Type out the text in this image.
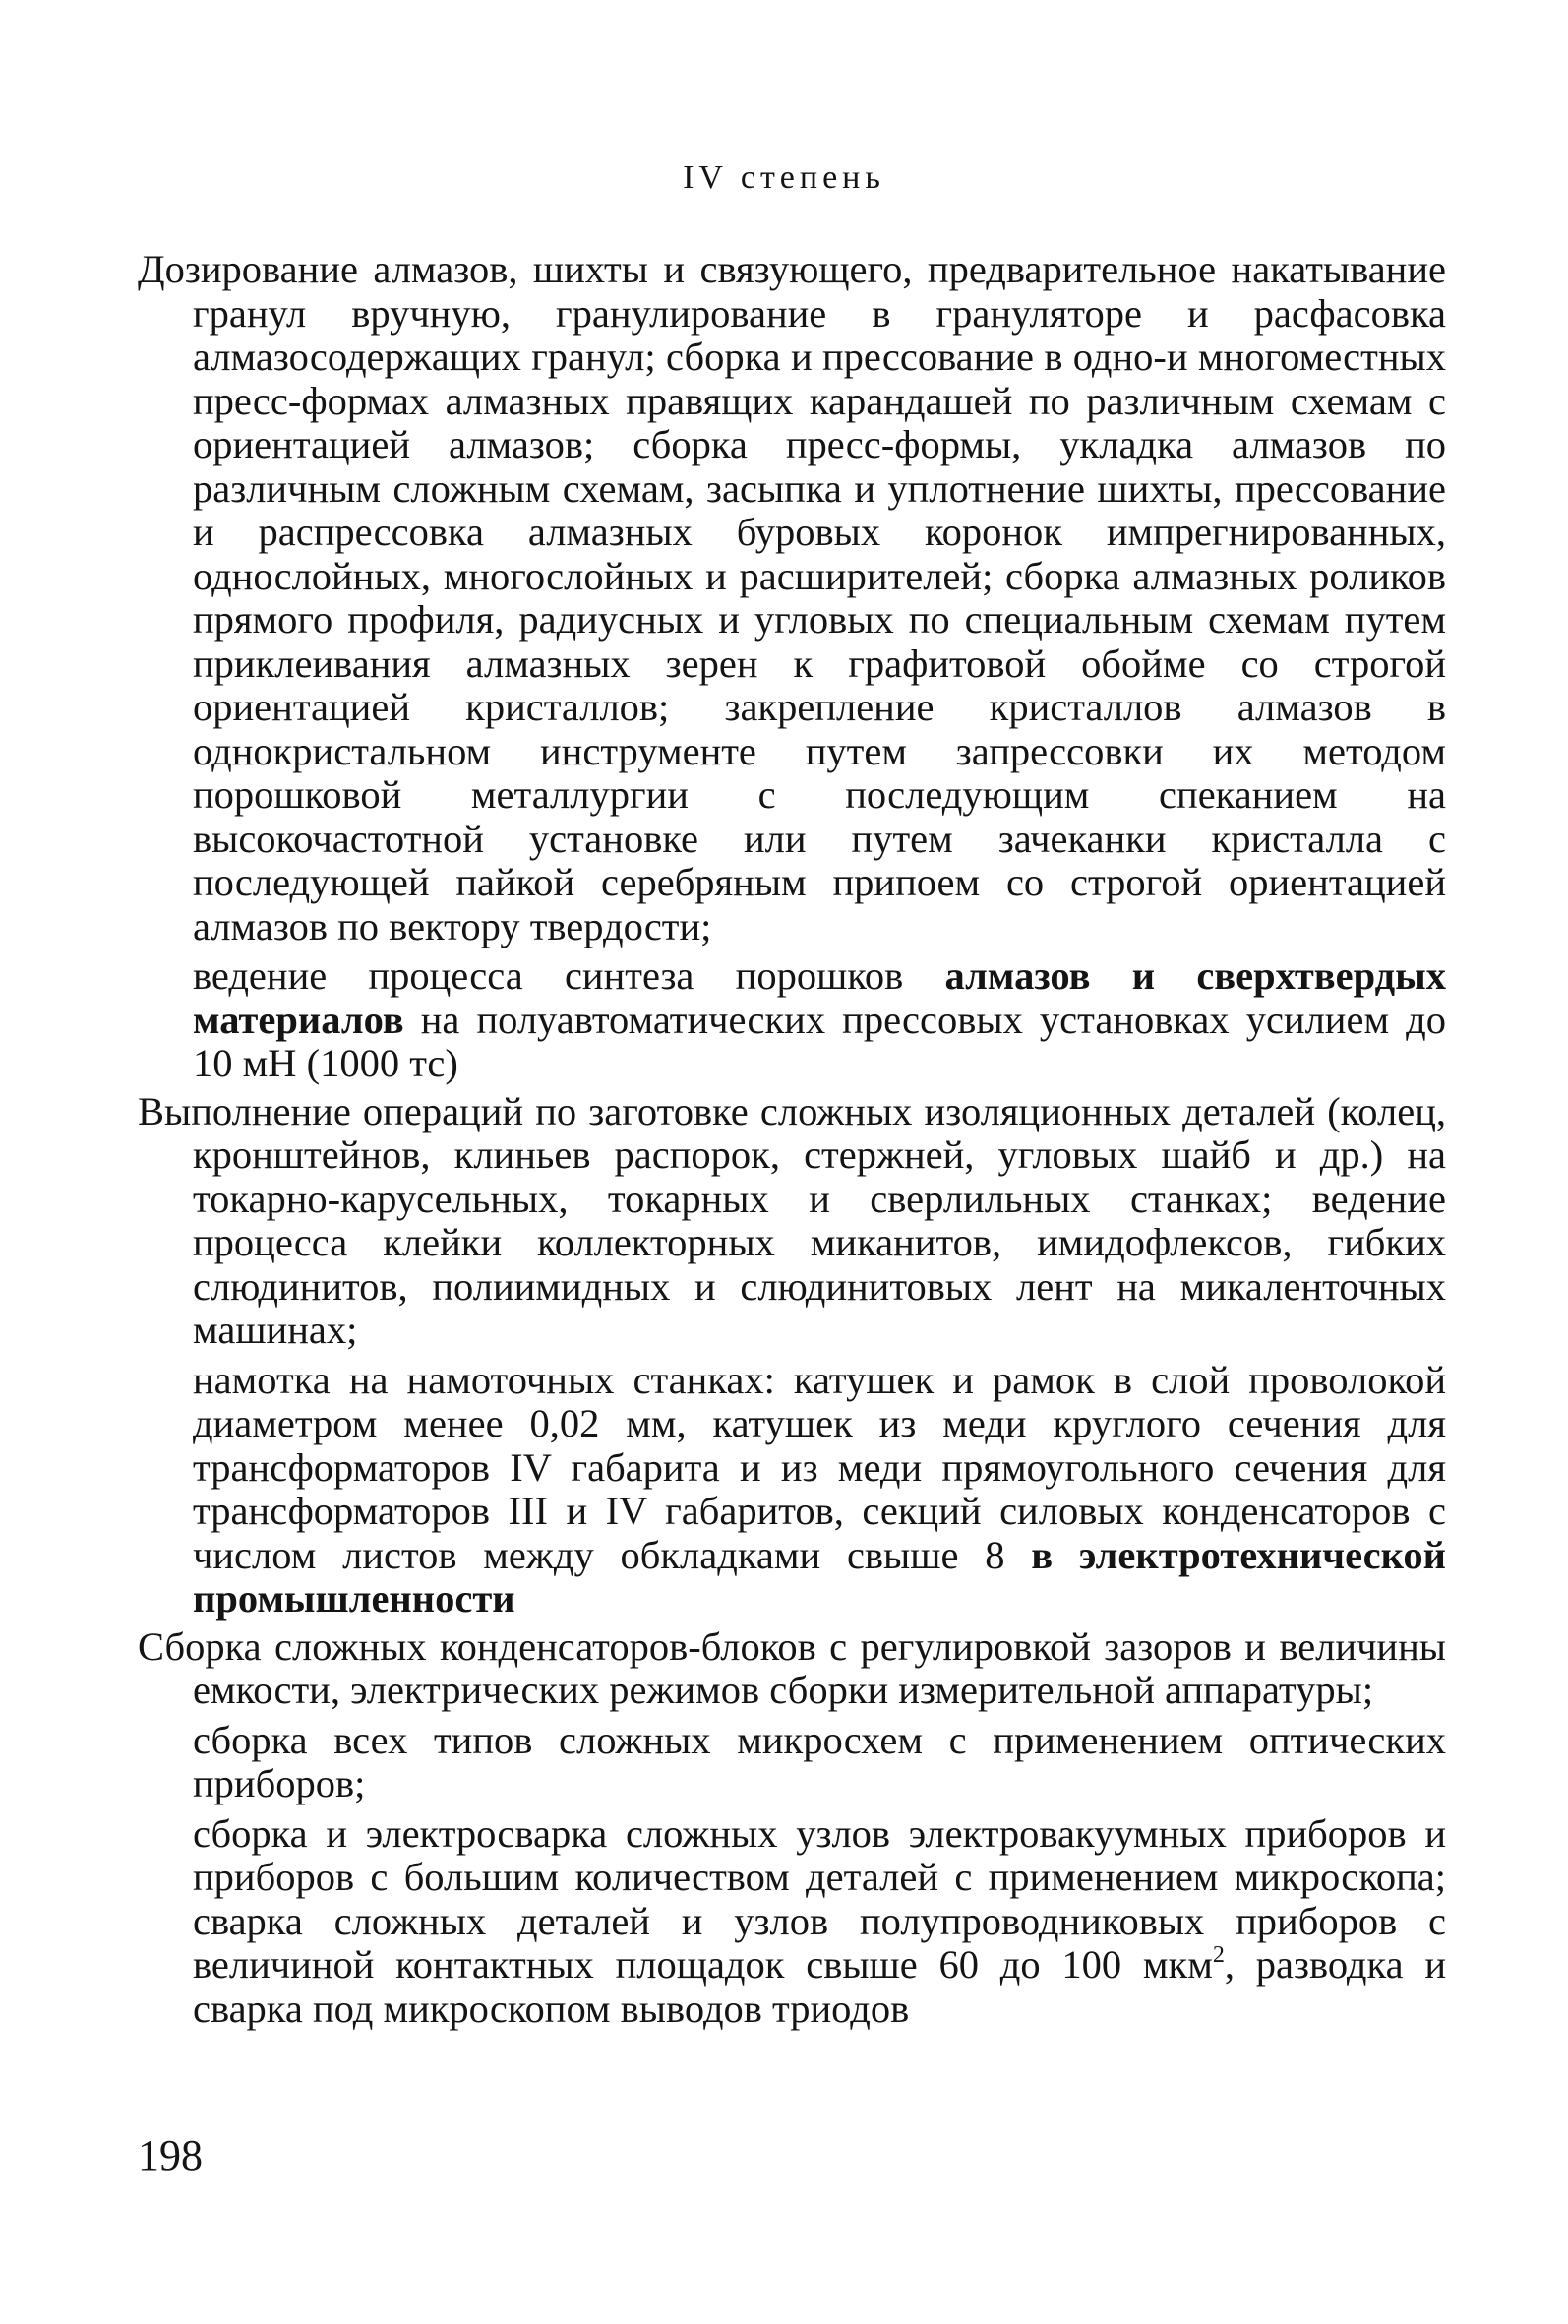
IV степень

Дозирование алмазов, шихты и связующего, предварительное накатывание гранул вручную, гранулирование в грануляторе и расфасовка алмазосодержащих гранул; сборка и прессование в одно-и многоместных пресс-формах алмазных правящих карандашей по различным схемам с ориентацией алмазов; сборка пресс-формы, укладка алмазов по различным сложным схемам, засыпка и уплотнение шихты, прессование и распрессовка алмазных буровых коронок импрегнированных, однослойных, многослойных и расширителей; сборка алмазных роликов прямого профиля, радиусных и угловых по специальным схемам путем приклеивания алмазных зерен к графитовой обойме со строгой ориентацией кристаллов; закрепление кристаллов алмазов в однокристальном инструменте путем запрессовки их методом порошковой металлургии с последующим спеканием на высокочастотной установке или путем зачеканки кристалла с последующей пайкой серебряным припоем со строгой ориентацией алмазов по вектору твердости;

ведение процесса синтеза порошков алмазов и сверхтвердых материалов на полуавтоматических прессовых установках усилием до 10 мН (1000 тс)

Выполнение операций по заготовке сложных изоляционных деталей (колец, кронштейнов, клиньев распорок, стержней, угловых шайб и др.) на токарно-карусельных, токарных и сверлильных станках; ведение процесса клейки коллекторных миканитов, имидофлексов, гибких слюдинитов, полиимидных и слюдинитовых лент на микаленточных машинах;

намотка на намоточных станках: катушек и рамок в слой проволокой диаметром менее 0,02 мм, катушек из меди круглого сечения для трансформаторов IV габарита и из меди прямоугольного сечения для трансформаторов III и IV габаритов, секций силовых конденсаторов с числом листов между обкладками свыше 8 в электротехнической промышленности

Сборка сложных конденсаторов-блоков с регулировкой зазоров и величины емкости, электрических режимов сборки измерительной аппаратуры;

сборка всех типов сложных микросхем с применением оптических приборов;

сборка и электросварка сложных узлов электровакуумных приборов и приборов с большим количеством деталей с применением микроскопа; сварка сложных деталей и узлов полупроводниковых приборов с величиной контактных площадок свыше 60 до 100 мкм$^2$, разводка и сварка под микроскопом выводов триодов

198
